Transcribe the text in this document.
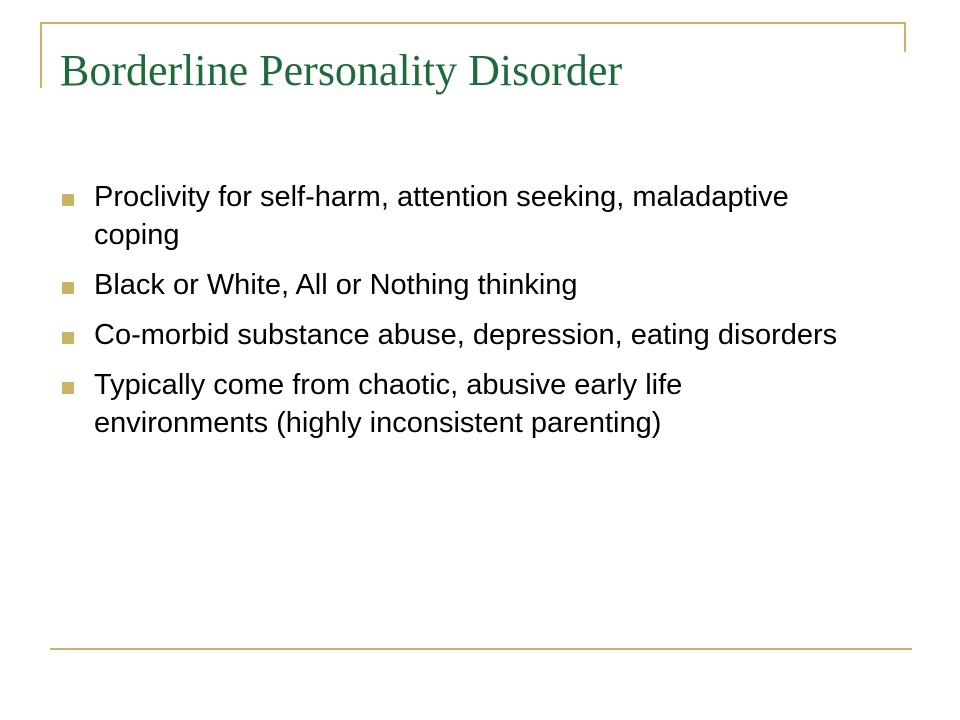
Borderline Personality Disorder
Proclivity for self-harm, attention seeking, maladaptive coping
Black or White, All or Nothing thinking
Co-morbid substance abuse, depression, eating disorders
Typically come from chaotic, abusive early life environments (highly inconsistent parenting)
